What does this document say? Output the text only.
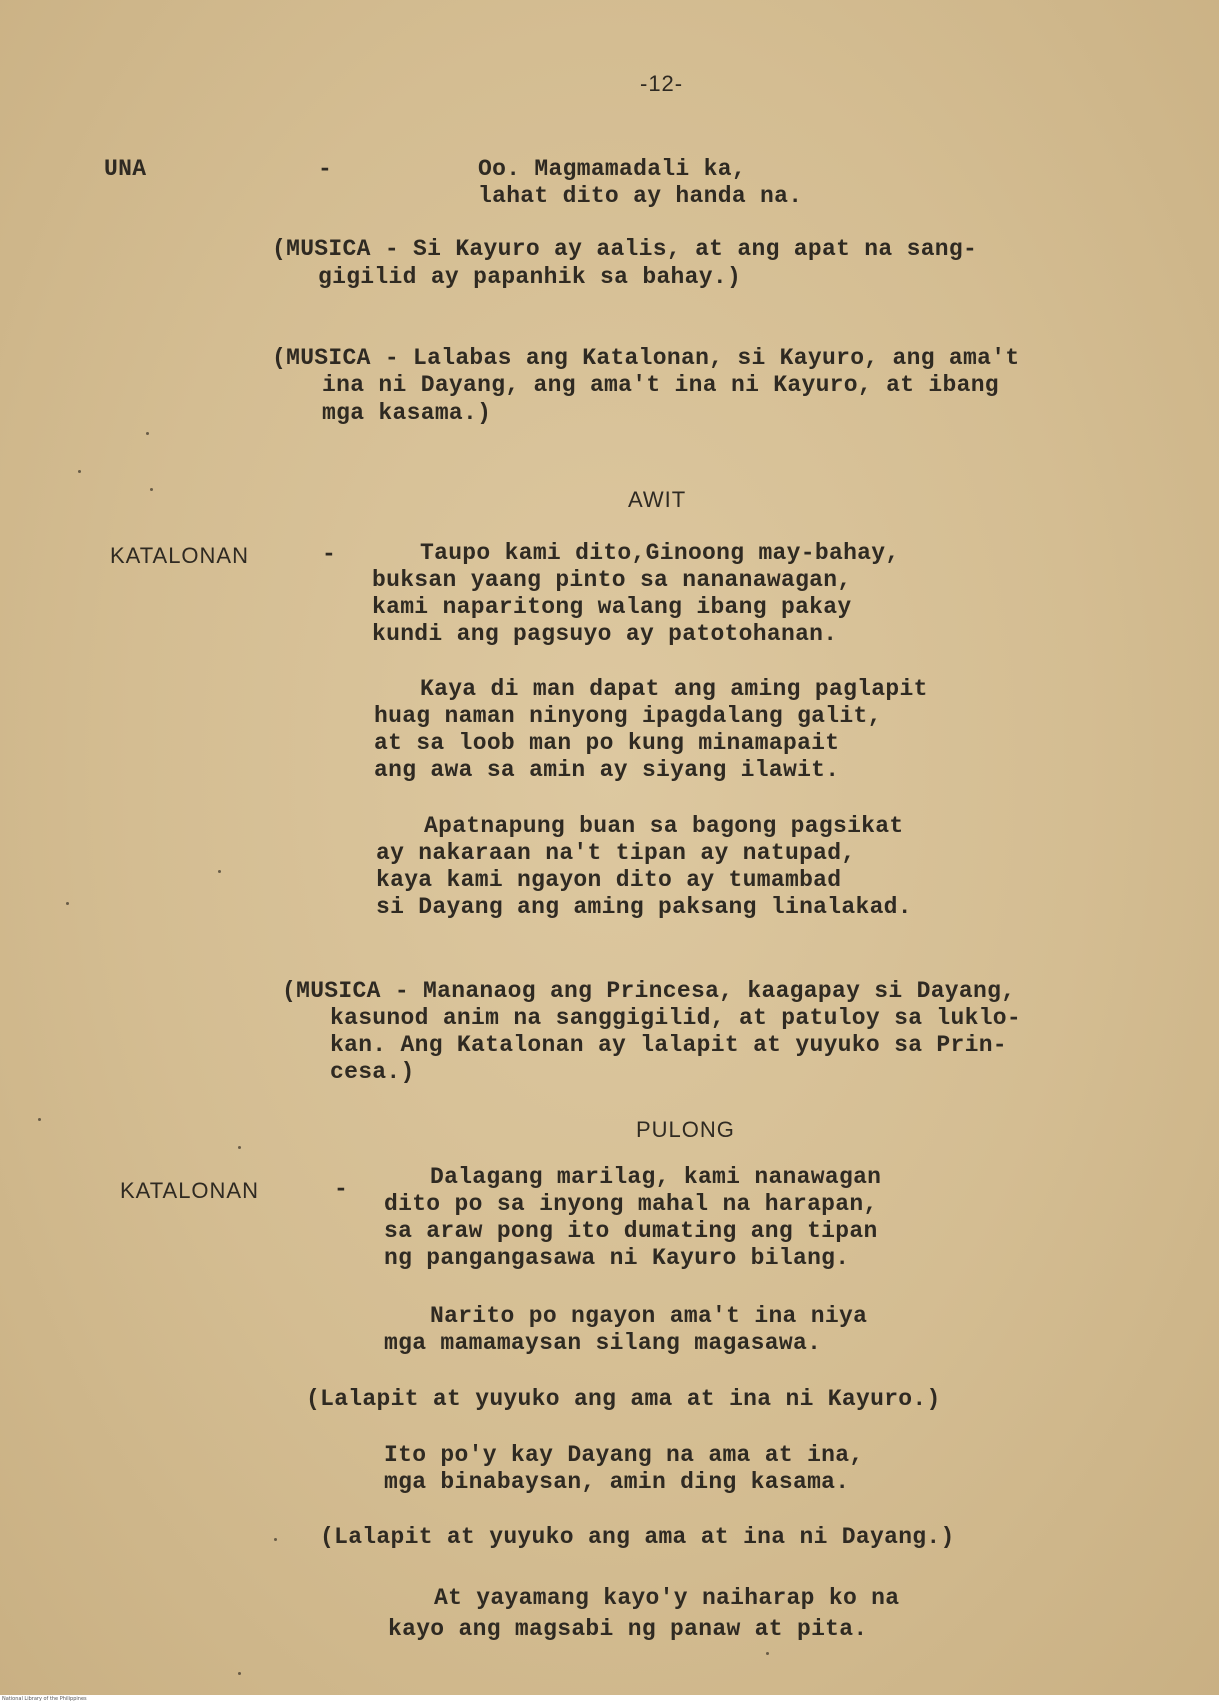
-12-
UNA	-	Oo. Magmamadali ka,
lahat dito ay handa na.
(MUSICA - Si Kayuro ay aalis, at ang apat na sang-
gigilid ay papanhik sa bahay.)
(MUSICA - Lalabas ang Katalonan, si Kayuro, ang ama't
ina ni Dayang, ang ama't ina ni Kayuro, at ibang
mga kasama.)
AWIT
KATALONAN	-	Taupo kami dito,Ginoong may-bahay,
buksan yaang pinto sa nananawagan,
kami naparitong walang ibang pakay
kundi ang pagsuyo ay patotohanan.
Kaya di man dapat ang aming paglapit
huag naman ninyong ipagdalang galit,
at sa loob man po kung minamapait
ang awa sa amin ay siyang ilawit.
Apatnapung buan sa bagong pagsikat
ay nakaraan na't tipan ay natupad,
kaya kami ngayon dito ay tumambad
si Dayang ang aming paksang linalakad.
(MUSICA - Mananaog ang Princesa, kaagapay si Dayang,
kasunod anim na sanggigilid, at patuloy sa luklo-
kan. Ang Katalonan ay lalapit at yuyuko sa Prin-
cesa.)
PULONG
KATALONAN	-	Dalagang marilag, kami nanawagan
dito po sa inyong mahal na harapan,
sa araw pong ito dumating ang tipan
ng pangangasawa ni Kayuro bilang.
Narito po ngayon ama't ina niya
mga mamamaysan silang magasawa.
(Lalapit at yuyuko ang ama at ina ni Kayuro.)
Ito po'y kay Dayang na ama at ina,
mga binabaysan, amin ding kasama.
(Lalapit at yuyuko ang ama at ina ni Dayang.)
At yayamang kayo'y naiharap ko na
kayo ang magsabi ng panaw at pita.
National Library of the Philippines
